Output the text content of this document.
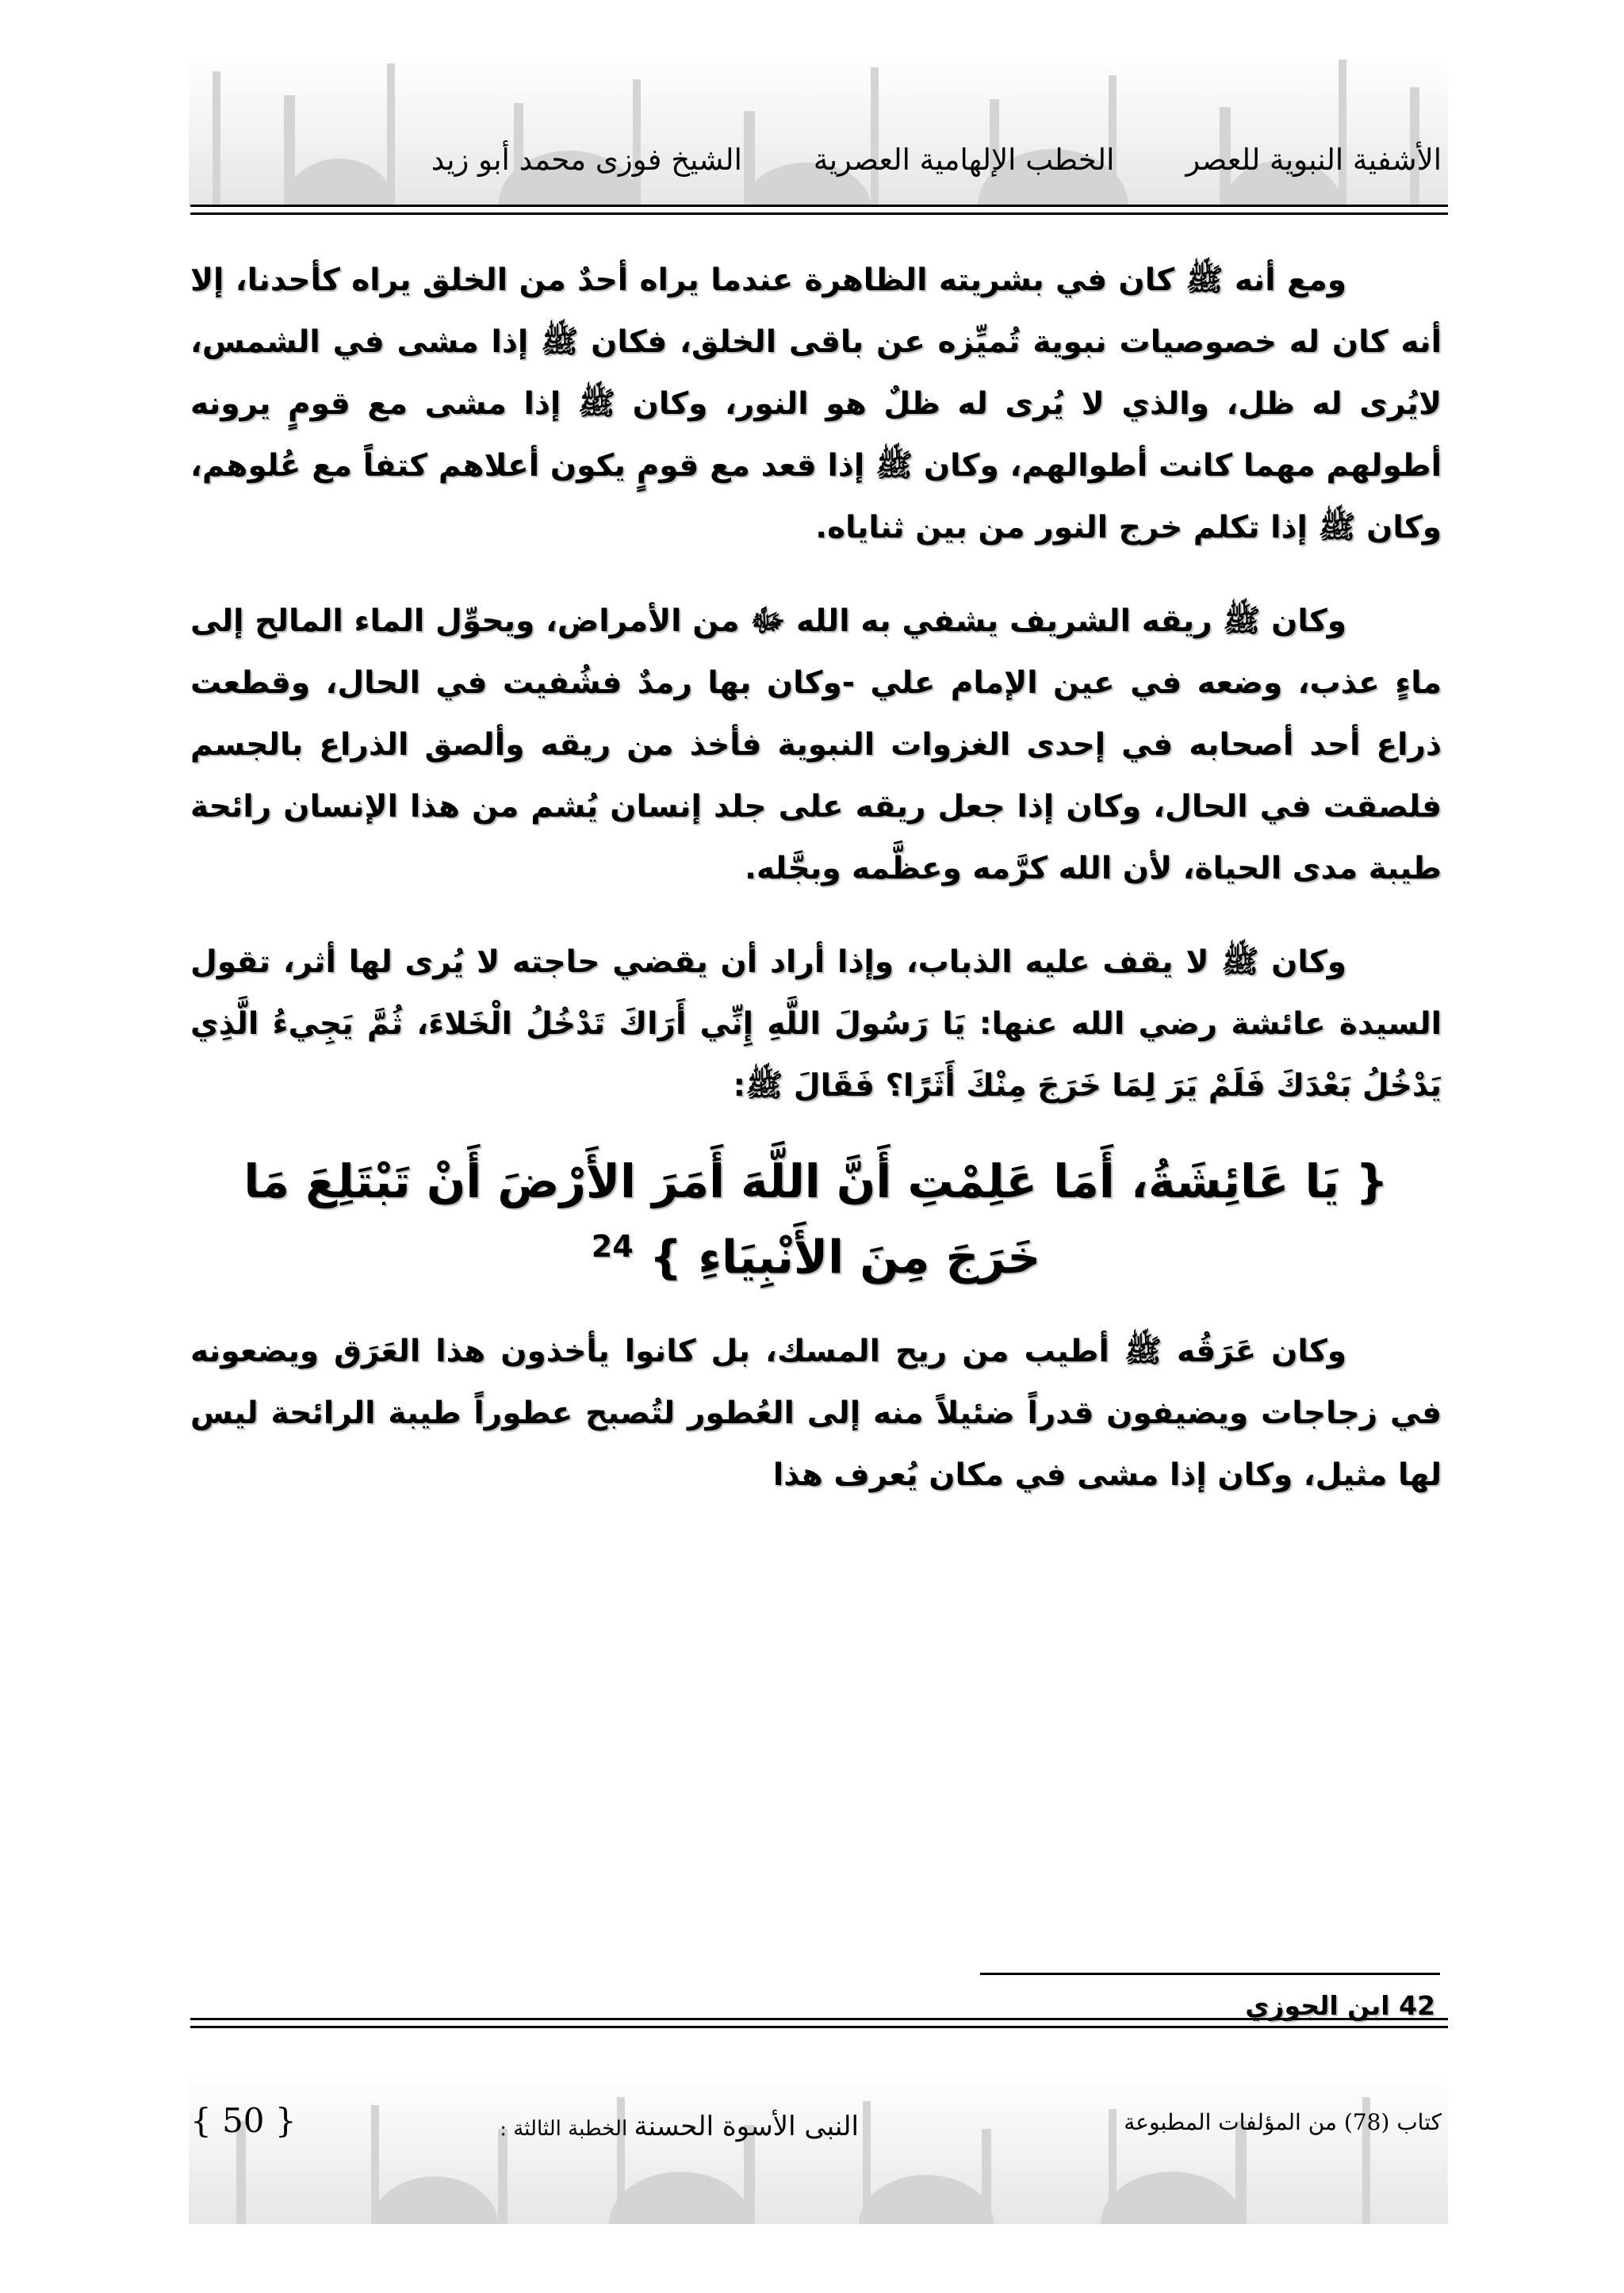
الأشفية النبوية للعصر
الخطب الإلهامية العصرية
الشيخ فوزى محمد أبو زيد

ومع أنه ﷺ كان في بشريته الظاهرة عندما يراه أحدٌ من الخلق يراه كأحدنا، إلا أنه كان له خصوصيات نبوية تُميِّزه عن باقى الخلق، فكان ﷺ إذا مشى في الشمس، لايُرى له ظل، والذي لا يُرى له ظلٌ هو النور، وكان ﷺ إذا مشى مع قومٍ يرونه أطولهم مهما كانت أطوالهم، وكان ﷺ إذا قعد مع قومٍ يكون أعلاهم كتفاً مع عُلوهم، وكان ﷺ إذا تكلم خرج النور من بين ثناياه.

وكان ﷺ ريقه الشريف يشفي به الله ﷻ من الأمراض، ويحوِّل الماء المالح إلى ماءٍ عذب، وضعه في عين الإمام علي -وكان بها رمدٌ فشُفيت في الحال، وقطعت ذراع أحد أصحابه في إحدى الغزوات النبوية فأخذ من ريقه وألصق الذراع بالجسم فلصقت في الحال، وكان إذا جعل ريقه على جلد إنسان يُشم من هذا الإنسان رائحة طيبة مدى الحياة، لأن الله كرَّمه وعظَّمه وبجَّله.

وكان ﷺ لا يقف عليه الذباب، وإذا أراد أن يقضي حاجته لا يُرى لها أثر، تقول السيدة عائشة رضي الله عنها: يَا رَسُولَ اللَّهِ إِنِّي أَرَاكَ تَدْخُلُ الْخَلاءَ، ثُمَّ يَجِيءُ الَّذِي يَدْخُلُ بَعْدَكَ فَلَمْ يَرَ لِمَا خَرَجَ مِنْكَ أَثَرًا؟ فَقَالَ ﷺ:

{ يَا عَائِشَةُ، أَمَا عَلِمْتِ أَنَّ اللَّهَ أَمَرَ الأَرْضَ أَنْ تَبْتَلِعَ مَا خَرَجَ مِنَ الأَنْبِيَاءِ } $^{24}$

وكان عَرَقُه ﷺ أطيب من ريح المسك، بل كانوا يأخذون هذا العَرَق ويضعونه في زجاجات ويضيفون قدراً ضئيلاً منه إلى العُطور لتُصبح عطوراً طيبة الرائحة ليس لها مثيل، وكان إذا مشى في مكان يُعرف هذا

42 ابن الجوزي
كتاب (78) من المؤلفات المطبوعة
النبى الأسوة الحسنة الخطبة الثالثة :
{ 50 }
